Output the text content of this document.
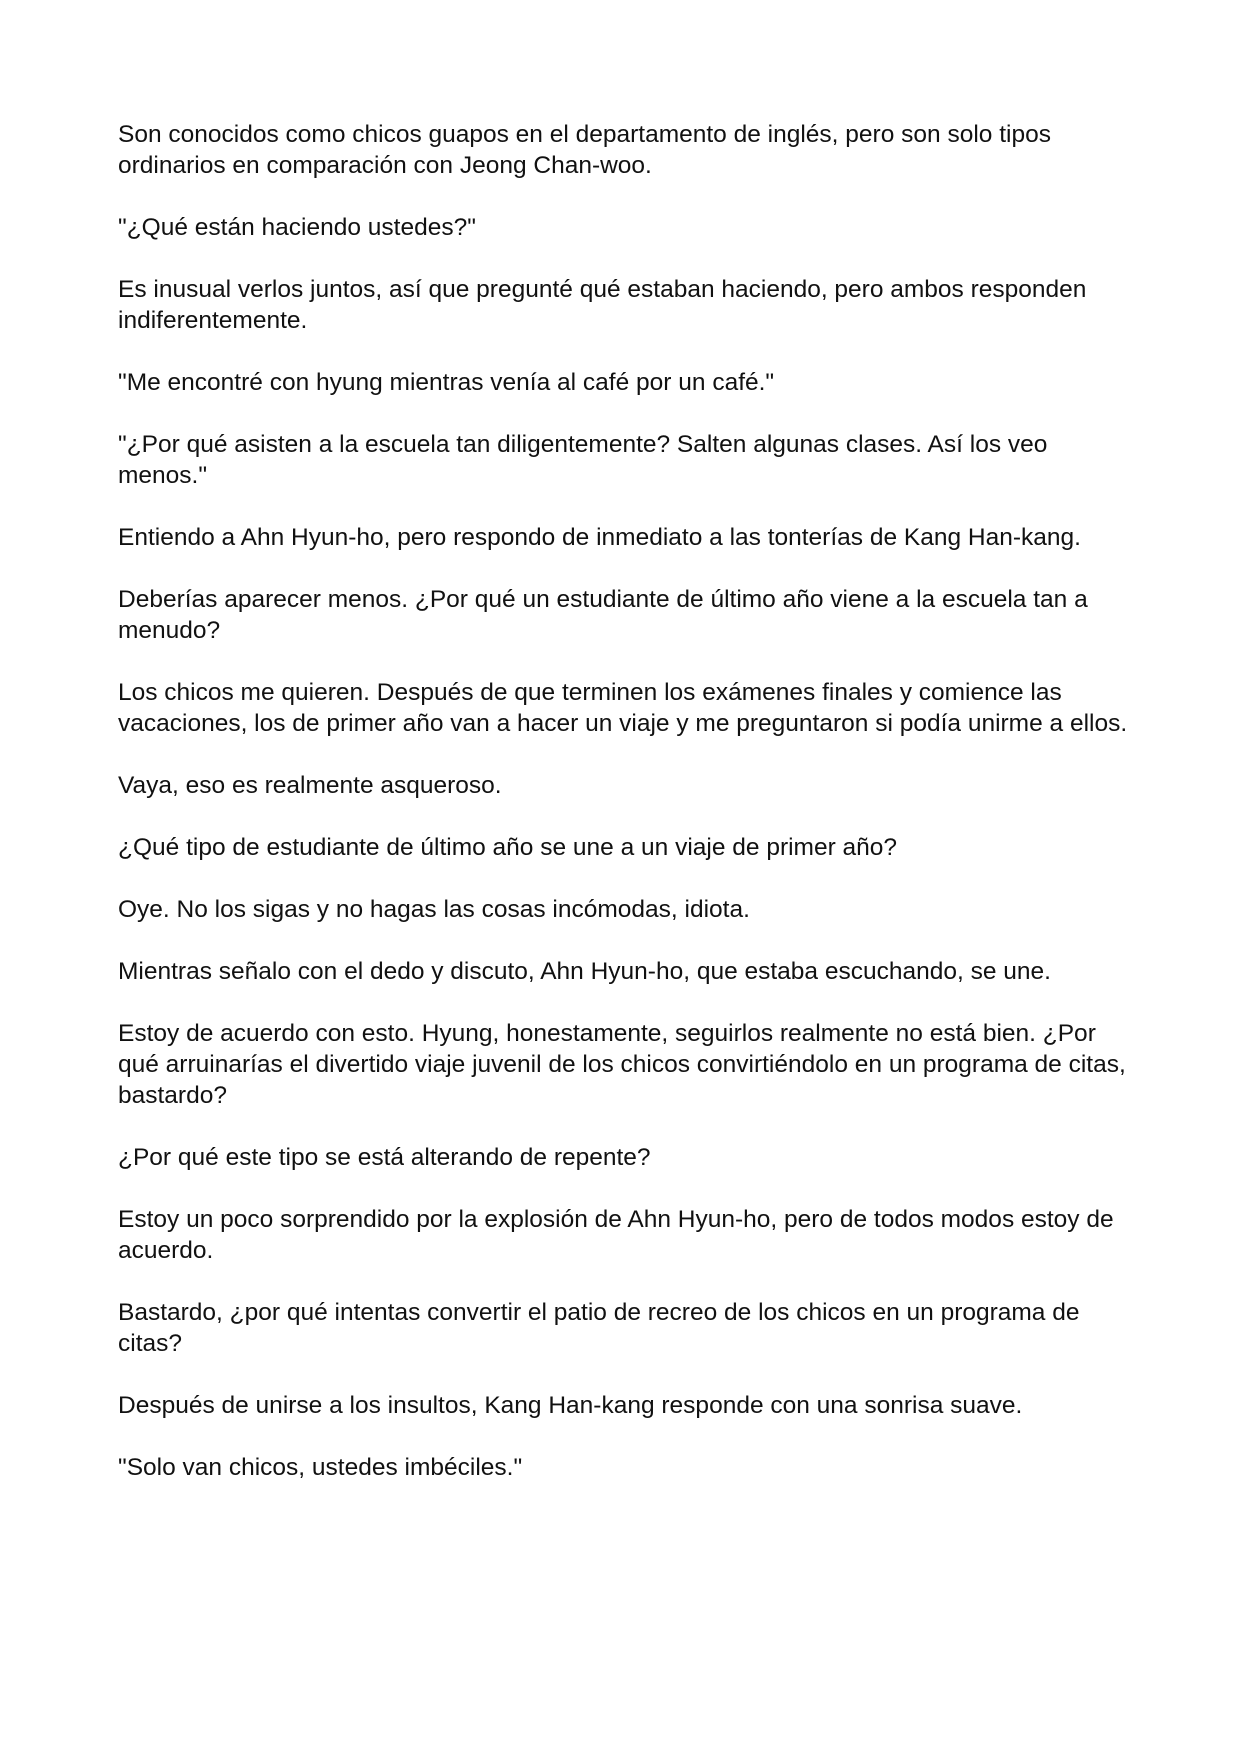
Son conocidos como chicos guapos en el departamento de inglés, pero son solo tipos ordinarios en comparación con Jeong Chan-woo.

"¿Qué están haciendo ustedes?"

Es inusual verlos juntos, así que pregunté qué estaban haciendo, pero ambos responden indiferentemente.

"Me encontré con hyung mientras venía al café por un café."

"¿Por qué asisten a la escuela tan diligentemente? Salten algunas clases. Así los veo menos."

Entiendo a Ahn Hyun-ho, pero respondo de inmediato a las tonterías de Kang Han-kang.

Deberías aparecer menos. ¿Por qué un estudiante de último año viene a la escuela tan a menudo?

Los chicos me quieren. Después de que terminen los exámenes finales y comience las vacaciones, los de primer año van a hacer un viaje y me preguntaron si podía unirme a ellos.

Vaya, eso es realmente asqueroso.

¿Qué tipo de estudiante de último año se une a un viaje de primer año?

Oye. No los sigas y no hagas las cosas incómodas, idiota.

Mientras señalo con el dedo y discuto, Ahn Hyun-ho, que estaba escuchando, se une.

Estoy de acuerdo con esto. Hyung, honestamente, seguirlos realmente no está bien. ¿Por qué arruinarías el divertido viaje juvenil de los chicos convirtiéndolo en un programa de citas, bastardo?

¿Por qué este tipo se está alterando de repente?

Estoy un poco sorprendido por la explosión de Ahn Hyun-ho, pero de todos modos estoy de acuerdo.

Bastardo, ¿por qué intentas convertir el patio de recreo de los chicos en un programa de citas?

Después de unirse a los insultos, Kang Han-kang responde con una sonrisa suave.

"Solo van chicos, ustedes imbéciles."
